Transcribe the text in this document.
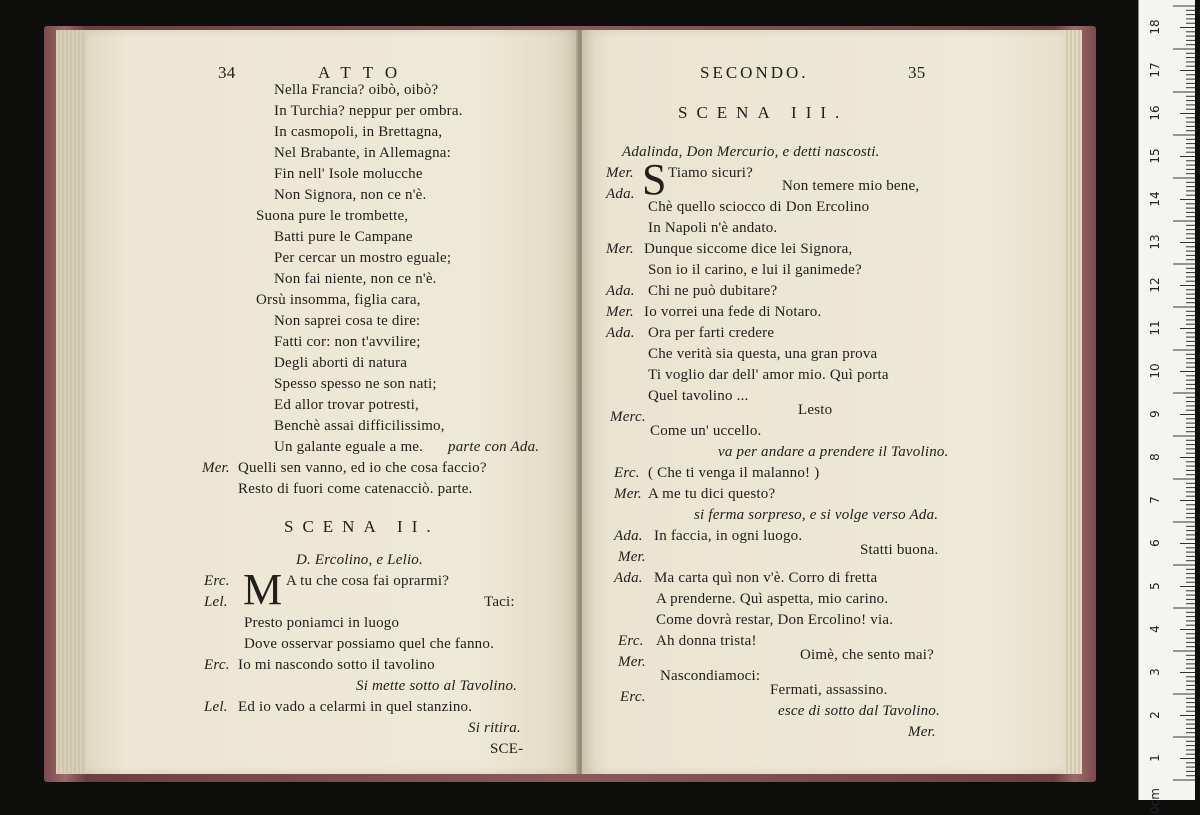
34	ATTO
Nella Francia? oibò, oibò?
In Turchia? neppur per ombra.
In casmopoli, in Brettagna,
Nel Brabante, in Allemagna:
Fin nell' Isole molucche
Non Signora, non ce n'è.
Suona pure le trombette,
Batti pure le Campane
Per cercar un mostro eguale;
Non fai niente, non ce n'è.
Orsù insomma, figlia cara,
Non saprei cosa te dire:
Fatti cor: non t'avvilire;
Degli aborti di natura
Spesso spesso ne son nati;
Ed allor trovar potresti,
Benchè assai difficilissimo,
Un galante eguale a me. parte con Ada.
Mer. Quelli sen vanno, ed io che cosa faccio?
Resto di fuori come catenacciò. parte.
SCENA II.
D. Ercolino, e Lelio.
Erc. M A tu che cosa fai oprarmi?
Lel.	Taci:
Presto poniamci in luogo
Dove osservar possiamo quel che fanno.
Erc. Io mi nascondo sotto il tavolino
Si mette sotto al Tavolino.
Lel. Ed io vado a celarmi in quel stanzino.
Si ritira.
SCE-
SECONDO.	35
SCENA III.
Adalinda, Don Mercurio, e detti nascosti.
Mer. S Tiamo sicuri?
Ada.	Non temere mio bene,
Chè quello sciocco di Don Ercolino
In Napoli n'è andato.
Mer. Dunque siccome dice lei Signora,
Son io il carino, e lui il ganimede?
Ada. Chi ne può dubitare?
Mer. Io vorrei una fede di Notaro.
Ada. Ora per farti credere
Che verità sia questa, una gran prova
Ti voglio dar dell' amor mio. Quì porta
Quel tavolino ...
Merc.	Lesto
Come un' uccello.
va per andare a prendere il Tavolino.
Erc. ( Che ti venga il malanno! )
Mer. A me tu dici questo?
si ferma sorpreso, e si volge verso Ada.
Ada. In faccia, in ogni luogo.
Mer.	Statti buona.
Ada. Ma carta quì non v'è. Corro di fretta
A prenderne. Quì aspetta, mio carino.
Come dovrà restar, Don Ercolino! via.
Erc. Ah donna trista!
Mer.	Oimè, che sento mai?
Nascondiamoci:
Erc.	Fermati, assassino.
esce di sotto dal Tavolino.
Mer.
18
17
16
15
14
13
12
11
10
9
8
7
6
5
4
3
2
1
0cm
